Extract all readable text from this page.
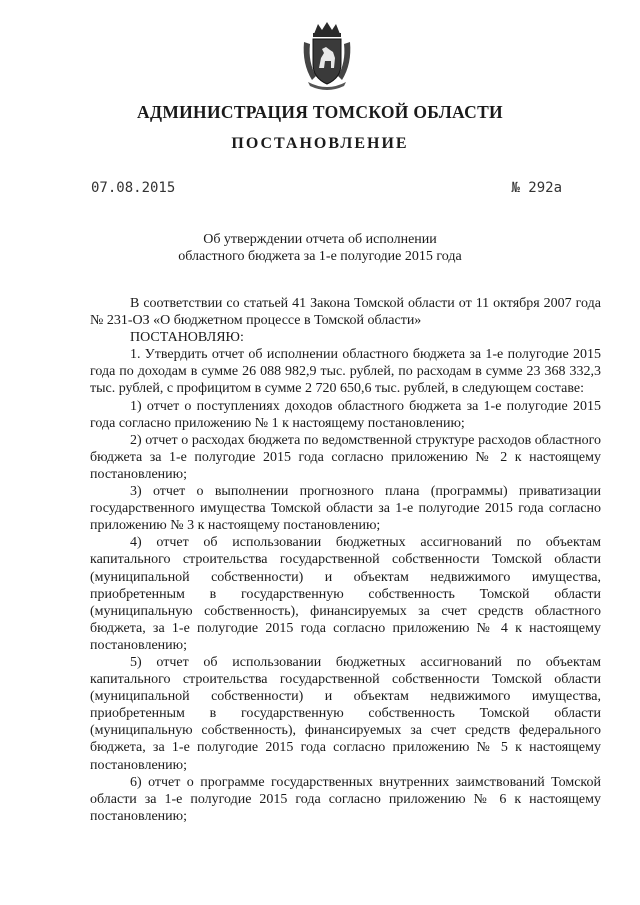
АДМИНИСТРАЦИЯ ТОМСКОЙ ОБЛАСТИ
ПОСТАНОВЛЕНИЕ
07.08.2015	№ 292а
Об утверждении отчета об исполнении
областного бюджета за 1-е полугодие 2015 года

В соответствии со статьей 41 Закона Томской области от 11 октября 2007 года № 231-ОЗ «О бюджетном процессе в Томской области»

ПОСТАНОВЛЯЮ:

1. Утвердить отчет об исполнении областного бюджета за 1-е полугодие 2015 года по доходам в сумме 26 088 982,9 тыс. рублей, по расходам в сумме 23 368 332,3 тыс. рублей, с профицитом в сумме 2 720 650,6 тыс. рублей, в следующем составе:

1) отчет о поступлениях доходов областного бюджета за 1-е полугодие 2015 года согласно приложению № 1 к настоящему постановлению;

2) отчет о расходах бюджета по ведомственной структуре расходов областного бюджета за 1-е полугодие 2015 года согласно приложению № 2 к настоящему постановлению;

3) отчет о выполнении прогнозного плана (программы) приватизации государственного имущества Томской области за 1-е полугодие 2015 года согласно приложению № 3 к настоящему постановлению;

4) отчет об использовании бюджетных ассигнований по объектам капитального строительства государственной собственности Томской области (муниципальной собственности) и объектам недвижимого имущества, приобретенным в государственную собственность Томской области (муниципальную собственность), финансируемых за счет средств областного бюджета, за 1-е полугодие 2015 года согласно приложению № 4 к настоящему постановлению;

5) отчет об использовании бюджетных ассигнований по объектам капитального строительства государственной собственности Томской области (муниципальной собственности) и объектам недвижимого имущества, приобретенным в государственную собственность Томской области (муниципальную собственность), финансируемых за счет средств федерального бюджета, за 1-е полугодие 2015 года согласно приложению № 5 к настоящему постановлению;

6) отчет о программе государственных внутренних заимствований Томской области за 1-е полугодие 2015 года согласно приложению № 6 к настоящему постановлению;
